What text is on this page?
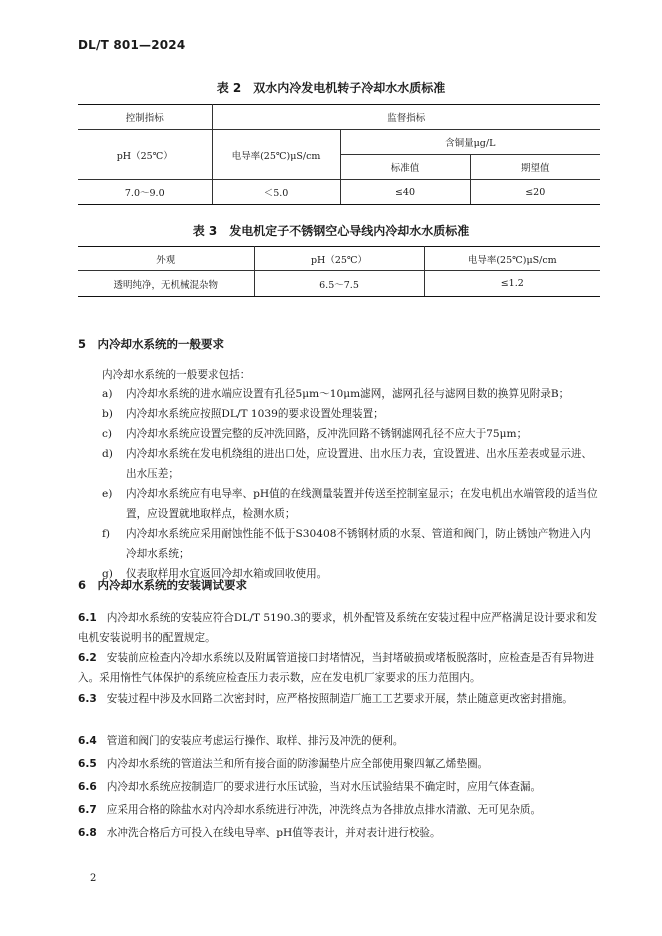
DL/T 801—2024
表 2　双水内冷发电机转子冷却水水质标准
控制指标	监督指标		
pH（25℃）	电导率(25℃)μS/cm	含铜量μg/L	
		标准值	期望值
7.0～9.0	＜5.0	≤40	≤20
表 3　发电机定子不锈钢空心导线内冷却水水质标准
外观	pH（25℃）	电导率(25℃)μS/cm
透明纯净，无机械混杂物	6.5～7.5	≤1.2
5　内冷却水系统的一般要求
内冷却水系统的一般要求包括：
a) 内冷却水系统的进水端应设置有孔径5μm～10μm滤网，滤网孔径与滤网目数的换算见附录B；
b) 内冷却水系统应按照DL/T 1039的要求设置处理装置；
c) 内冷却水系统应设置完整的反冲洗回路，反冲洗回路不锈钢滤网孔径不应大于75μm；
d) 内冷却水系统在发电机绕组的进出口处，应设置进、出水压力表，宜设置进、出水压差表或显示进、出水压差；
e) 内冷却水系统应有电导率、pH值的在线测量装置并传送至控制室显示；在发电机出水端管段的适当位置，应设置就地取样点，检测水质；
f) 内冷却水系统应采用耐蚀性能不低于S30408不锈钢材质的水泵、管道和阀门，防止锈蚀产物进入内冷却水系统；
g) 仪表取样用水宜返回冷却水箱或回收使用。
6　内冷却水系统的安装调试要求
6.1 内冷却水系统的安装应符合DL/T 5190.3的要求，机外配管及系统在安装过程中应严格满足设计要求和发电机安装说明书的配置规定。
6.2 安装前应检查内冷却水系统以及附属管道接口封堵情况，当封堵破损或堵板脱落时，应检查是否有异物进入。采用惰性气体保护的系统应检查压力表示数，应在发电机厂家要求的压力范围内。
6.3 安装过程中涉及水回路二次密封时，应严格按照制造厂施工工艺要求开展，禁止随意更改密封措施。
6.4 管道和阀门的安装应考虑运行操作、取样、排污及冲洗的便利。
6.5 内冷却水系统的管道法兰和所有接合面的防渗漏垫片应全部使用聚四氟乙烯垫圈。
6.6 内冷却水系统应按制造厂的要求进行水压试验，当对水压试验结果不确定时，应用气体查漏。
6.7 应采用合格的除盐水对内冷却水系统进行冲洗，冲洗终点为各排放点排水清澈、无可见杂质。
6.8 水冲洗合格后方可投入在线电导率、pH值等表计，并对表计进行校验。
2
